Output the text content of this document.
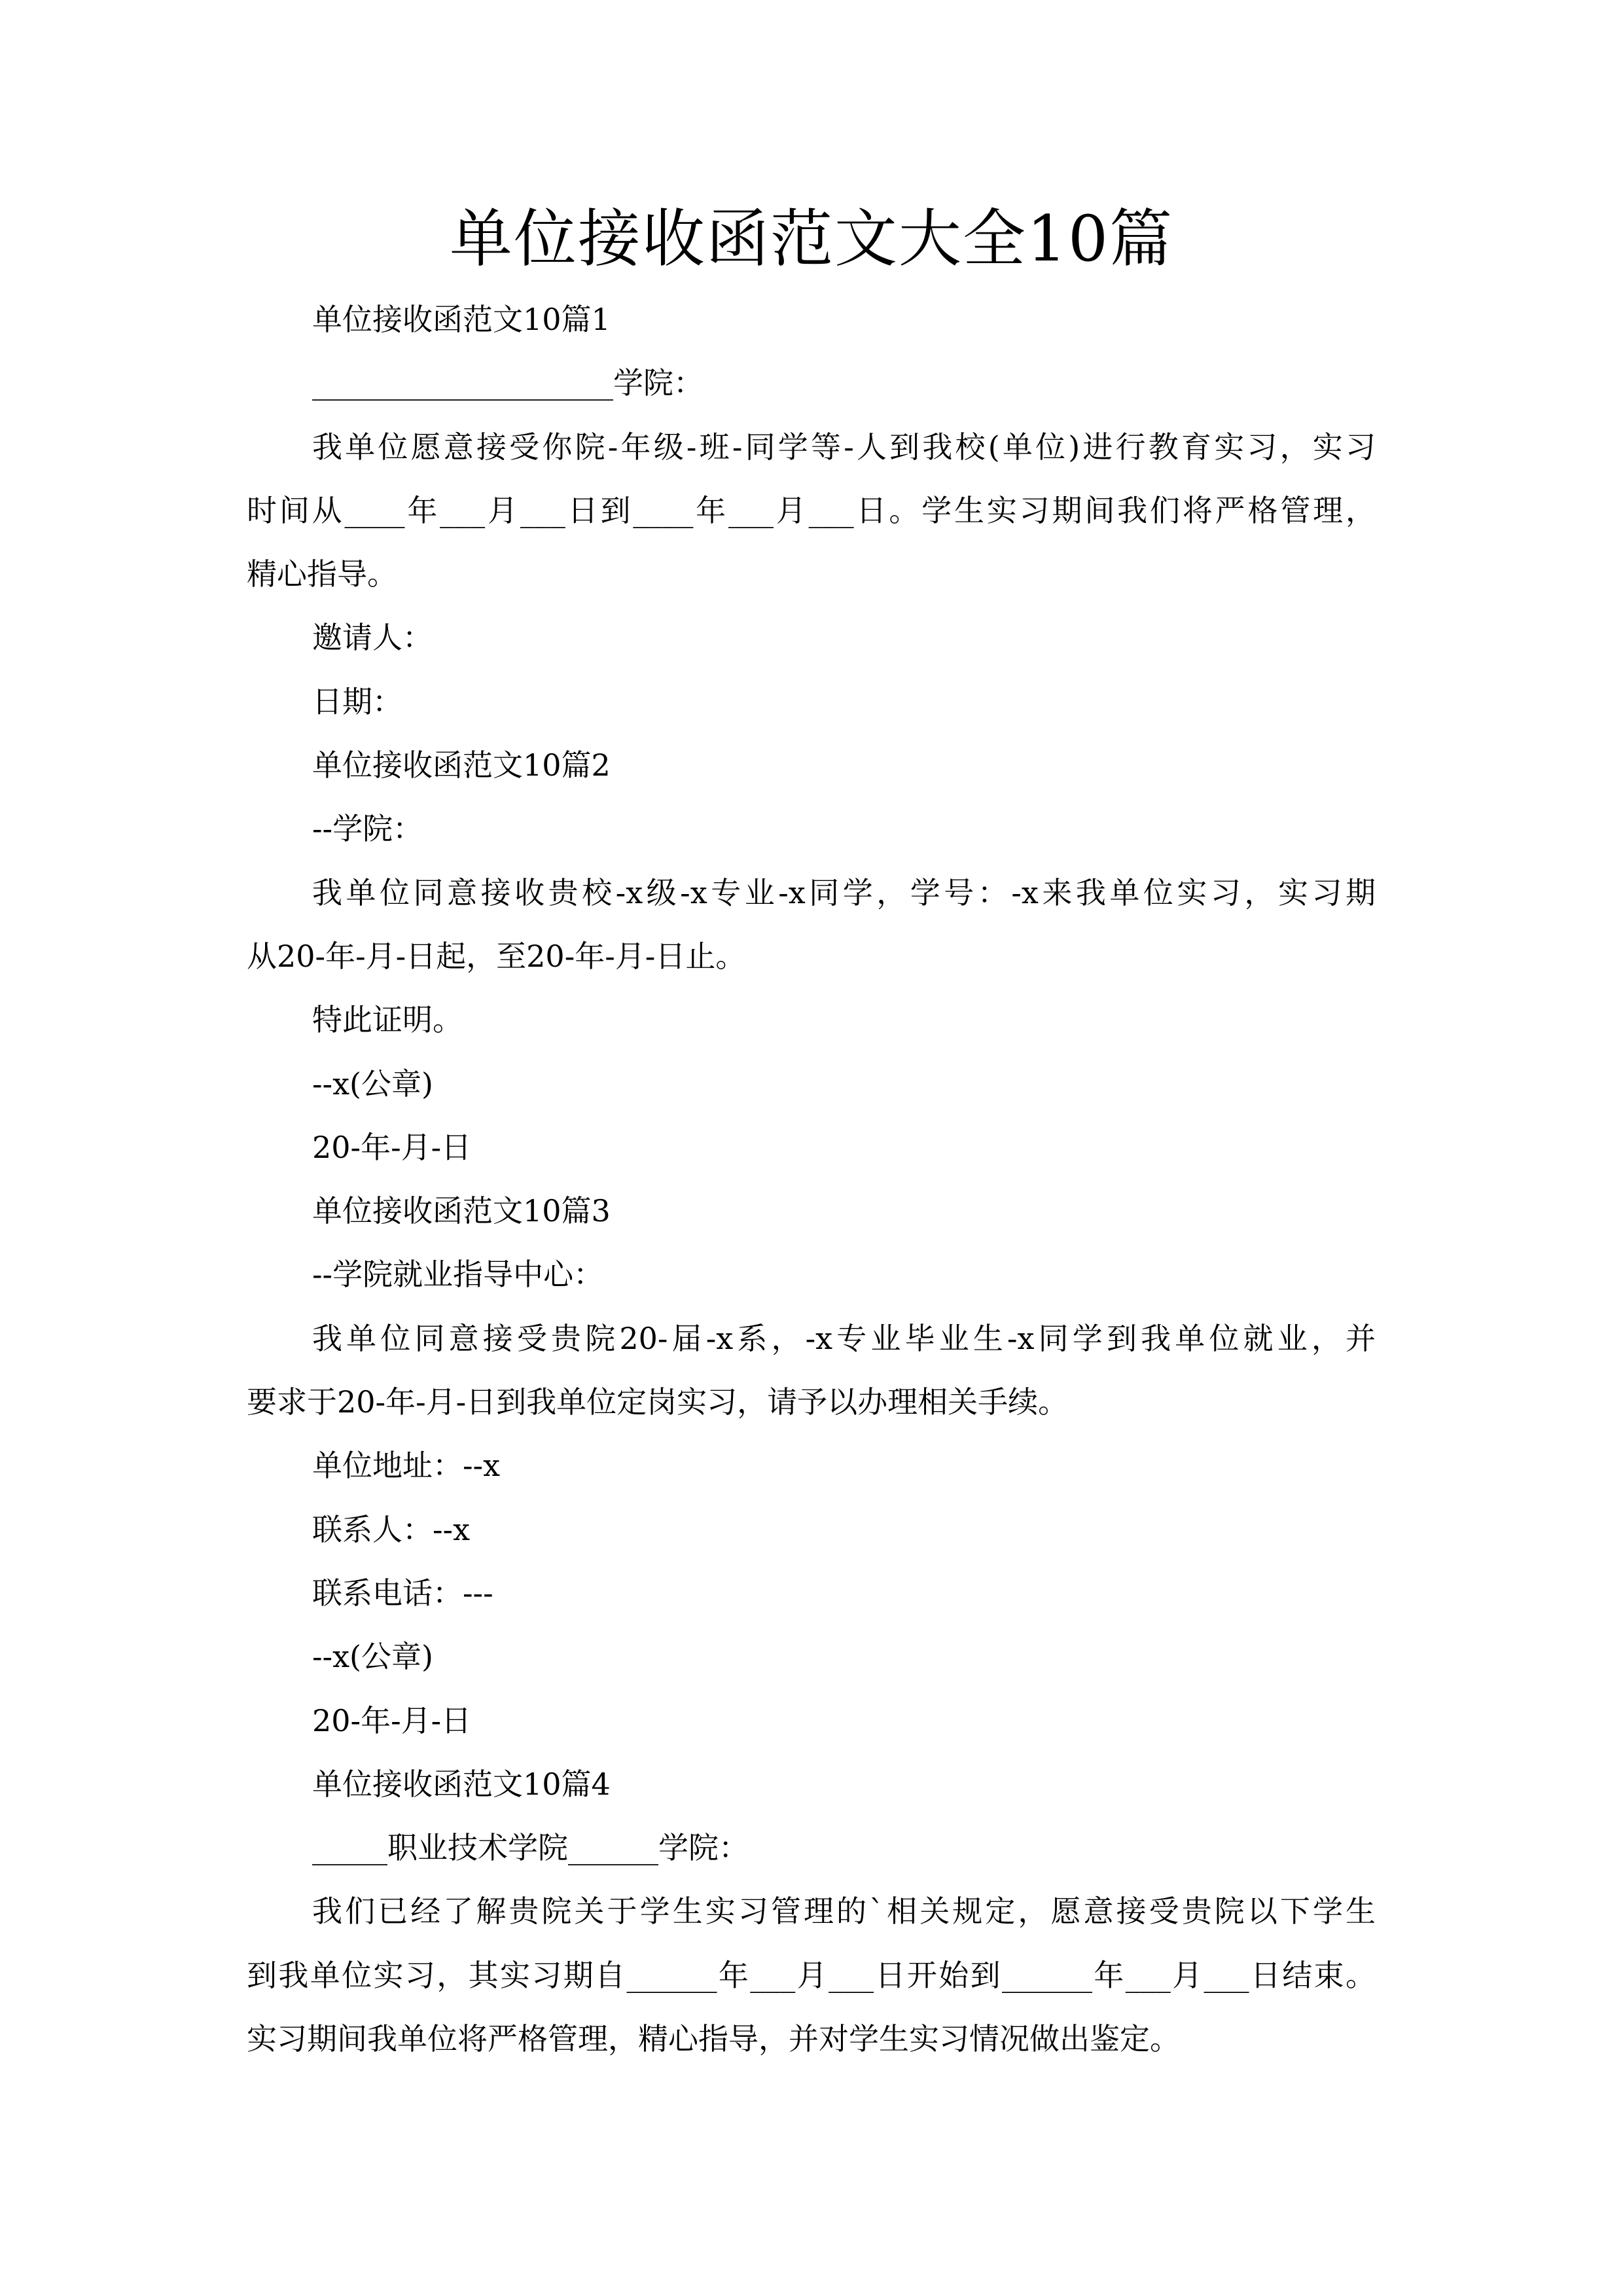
单位接收函范文大全10篇

单位接收函范文10篇1

____________________学院：

我单位愿意接受你院-年级-班-同学等-人到我校(单位)进行教育实习，实习

时间从____年___月___日到____年___月___日。学生实习期间我们将严格管理，

精心指导。

邀请人：

日期：

单位接收函范文10篇2

--学院：

我单位同意接收贵校-x级-x专业-x同学，学号：-x来我单位实习，实习期

从20-年-月-日起，至20-年-月-日止。

特此证明。

--x(公章)

20-年-月-日

单位接收函范文10篇3

--学院就业指导中心：

我单位同意接受贵院20-届-x系，-x专业毕业生-x同学到我单位就业，并

要求于20-年-月-日到我单位定岗实习，请予以办理相关手续。

单位地址：--x

联系人：--x

联系电话：---

--x(公章)

20-年-月-日

单位接收函范文10篇4

_____职业技术学院______学院：

我们已经了解贵院关于学生实习管理的`相关规定，愿意接受贵院以下学生

到我单位实习，其实习期自______年___月___日开始到______年___月___日结束。

实习期间我单位将严格管理，精心指导，并对学生实习情况做出鉴定。
